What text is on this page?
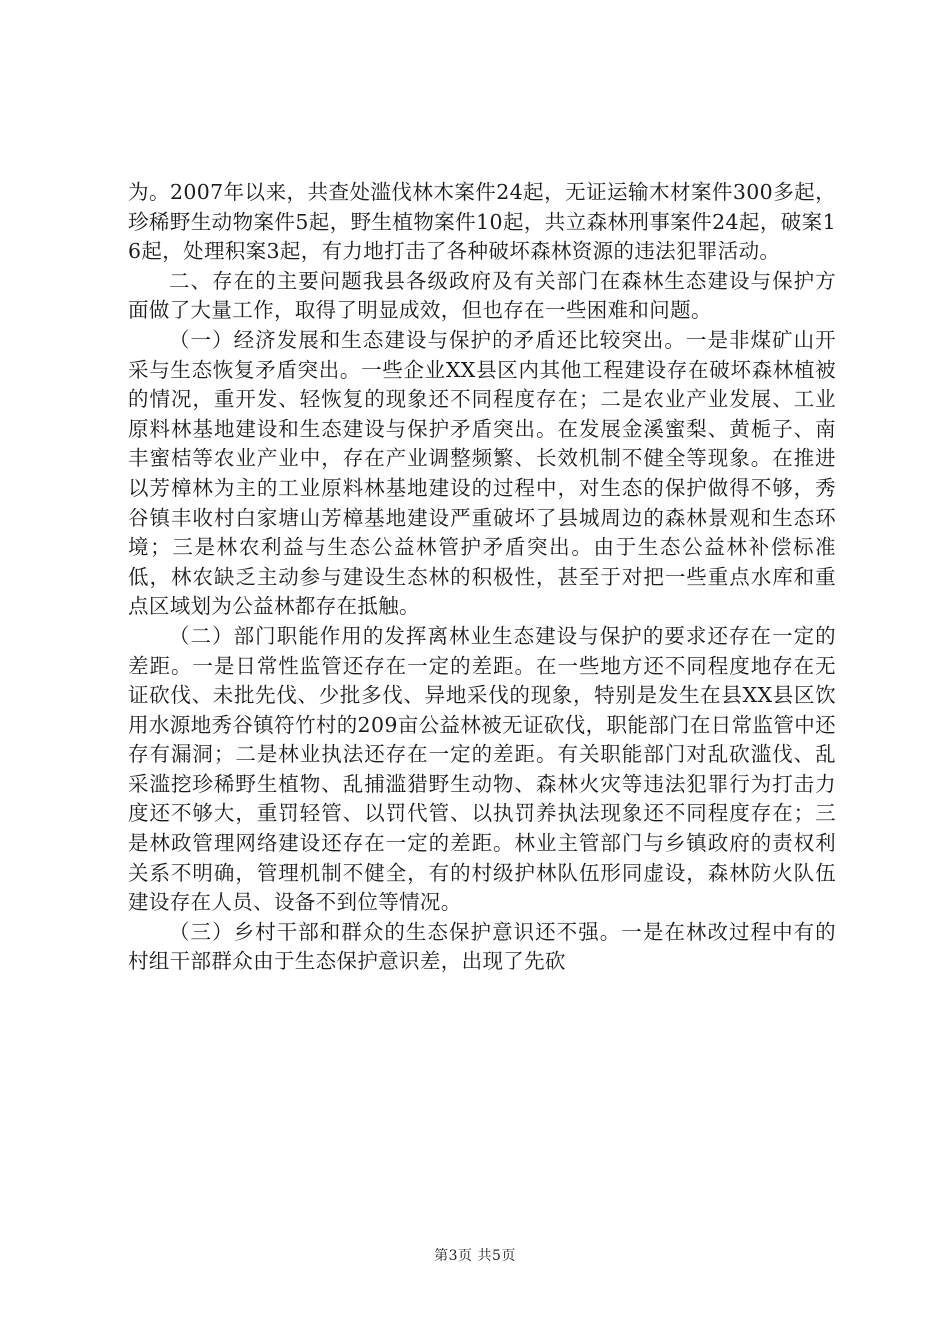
为。2007年以来，共查处滥伐林木案件24起，无证运输木材案件300多起，珍稀野生动物案件5起，野生植物案件10起，共立森林刑事案件24起，破案16起，处理积案3起，有力地打击了各种破坏森林资源的违法犯罪活动。

二、存在的主要问题我县各级政府及有关部门在森林生态建设与保护方面做了大量工作，取得了明显成效，但也存在一些困难和问题。

（一）经济发展和生态建设与保护的矛盾还比较突出。一是非煤矿山开采与生态恢复矛盾突出。一些企业XX县区内其他工程建设存在破坏森林植被的情况，重开发、轻恢复的现象还不同程度存在；二是农业产业发展、工业原料林基地建设和生态建设与保护矛盾突出。在发展金溪蜜梨、黄栀子、南丰蜜桔等农业产业中，存在产业调整频繁、长效机制不健全等现象。在推进以芳樟林为主的工业原料林基地建设的过程中，对生态的保护做得不够，秀谷镇丰收村白家塘山芳樟基地建设严重破坏了县城周边的森林景观和生态环境；三是林农利益与生态公益林管护矛盾突出。由于生态公益林补偿标准低，林农缺乏主动参与建设生态林的积极性，甚至于对把一些重点水库和重点区域划为公益林都存在抵触。

（二）部门职能作用的发挥离林业生态建设与保护的要求还存在一定的差距。一是日常性监管还存在一定的差距。在一些地方还不同程度地存在无证砍伐、未批先伐、少批多伐、异地采伐的现象，特别是发生在县XX县区饮用水源地秀谷镇符竹村的209亩公益林被无证砍伐，职能部门在日常监管中还存有漏洞；二是林业执法还存在一定的差距。有关职能部门对乱砍滥伐、乱采滥挖珍稀野生植物、乱捕滥猎野生动物、森林火灾等违法犯罪行为打击力度还不够大，重罚轻管、以罚代管、以执罚养执法现象还不同程度存在；三是林政管理网络建设还存在一定的差距。林业主管部门与乡镇政府的责权利关系不明确，管理机制不健全，有的村级护林队伍形同虚设，森林防火队伍建设存在人员、设备不到位等情况。

（三）乡村干部和群众的生态保护意识还不强。一是在林改过程中有的村组干部群众由于生态保护意识差，出现了先砍

第3页 共5页
